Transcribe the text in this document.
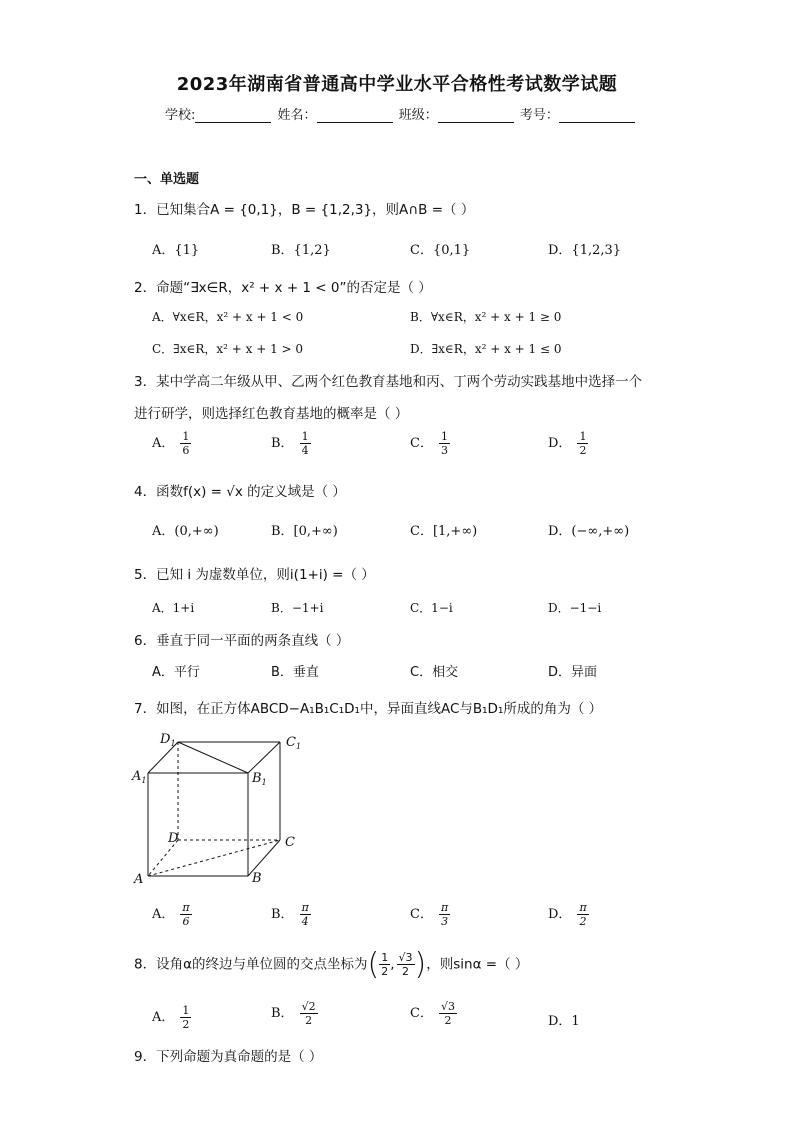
2023年湖南省普通高中学业水平合格性考试数学试题
学校:	姓名：	班级：	考号：
一、单选题
1．已知集合A = {0,1}，B = {1,2,3}，则A∩B =（ ）
A．{1}	B．{1,2}	C．{0,1}	D．{1,2,3}
2．命题“∃x∈R，x² + x + 1 < 0”的否定是（ ）
A．∀x∈R，x² + x + 1 < 0	B．∀x∈R，x² + x + 1 ≥ 0
C．∃x∈R，x² + x + 1 > 0	D．∃x∈R，x² + x + 1 ≤ 0
3．某中学高二年级从甲、乙两个红色教育基地和丙、丁两个劳动实践基地中选择一个
进行研学，则选择红色教育基地的概率是（ ）
A． $\frac{1}{6}$	B． $\frac{1}{4}$	C． $\frac{1}{3}$	D． $\frac{1}{2}$
4．函数f(x) = √x 的定义域是（ ）
A．(0,+∞)	B．[0,+∞)	C．[1,+∞)	D．(−∞,+∞)
5．已知 i 为虚数单位，则i(1+i) =（ ）
A．1+i	B．−1+i	C．1−i	D．−1−i
6．垂直于同一平面的两条直线（ ）
A．平行	B．垂直	C．相交	D．异面
7．如图，在正方体ABCD−A₁B₁C₁D₁中，异面直线AC与B₁D₁所成的角为（ ）
$D_1$	$C_1$
$A_1$	$B_1$
D	C
A	B
A． $\frac{\pi}{6}$	B． $\frac{\pi}{4}$	C． $\frac{\pi}{3}$	D． $\frac{\pi}{2}$
8．设角α的终边与单位圆的交点坐标为( $\frac{1}{2}$ , $\frac{√3}{2}$ )，则sinα =（ ）
A． $\frac{1}{2}$	B． $\frac{√2}{2}$	C． $\frac{√3}{2}$	D．1
9．下列命题为真命题的是（ ）
